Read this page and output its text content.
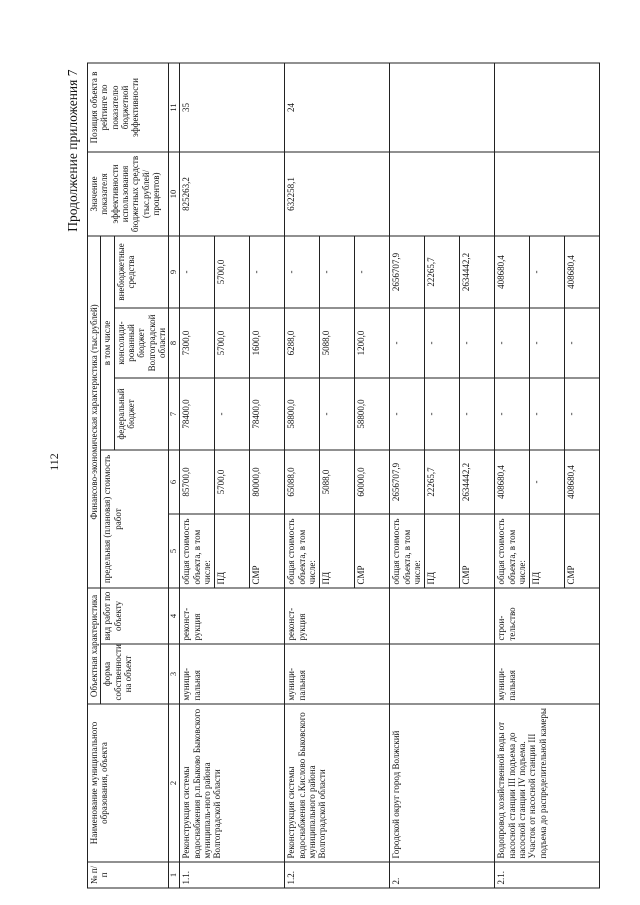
112
Продолжение приложения 7
№ п/п	Наименование муниципального образования, объекта	Объектная характеристика		Финансово-экономическая характеристика (тыс.рублей)					Значение показателя эффективности использования бюджетных средств (тыс.рублей/ процентов)	Позиция объекта в рейтинге по показателю бюджетной эффективности
		форма собственности на объект	вид работ по объекту	предельная (плановая) стоимость работ		в том числе				
						федеральный бюджет	консолиди-рованный бюджет Волгоградской области	внебюджетные средства		
1	2	3	4	5	6	7	8	9	10	11
1.1.	Реконструкция системы водоснабжения р.п.Быково Быковского муниципаль-ного района Волгоградской области	муници-пальная	реконст-рукция	общая стоимость объекта, в том числе:	85700,0	78400,0	7300,0	-	825263,2	35
				ПД	5700,0	-	5700,0	5700,0		
				СМР	80000,0	78400,0	1600,0	-		
1.2.	Реконструкция системы водоснабжения с.Кислово Быковского муниципального района Волгоградской области	муници-пальная	реконст-рукция	общая стоимость объекта, в том числе:	65088,0	58800,0	6288,0	-	632258,1	24
				ПД	5088,0	-	5088,0	-		
				СМР	60000,0	58800,0	1200,0	-		
2.	Городской округ город Волжский			общая стоимость объекта, в том числе:	2656707,9	-	-	2656707,9		
				ПД	22265,7	-	-	22265,7		
				СМР	2634442,2	-	-	2634442,2		
2.1.	Водопровод хозяйственной воды от насосной станции III подъема до насосной станции IV подъема. Участок от насосной станции III подъема до распределительной камеры	муници-пальная	строи-тельство	общая стоимость объекта, в том числе:	408680,4	-	-	408680,4		
				ПД	-	-	-	-		
				СМР	408680,4	-	-	408680,4		
